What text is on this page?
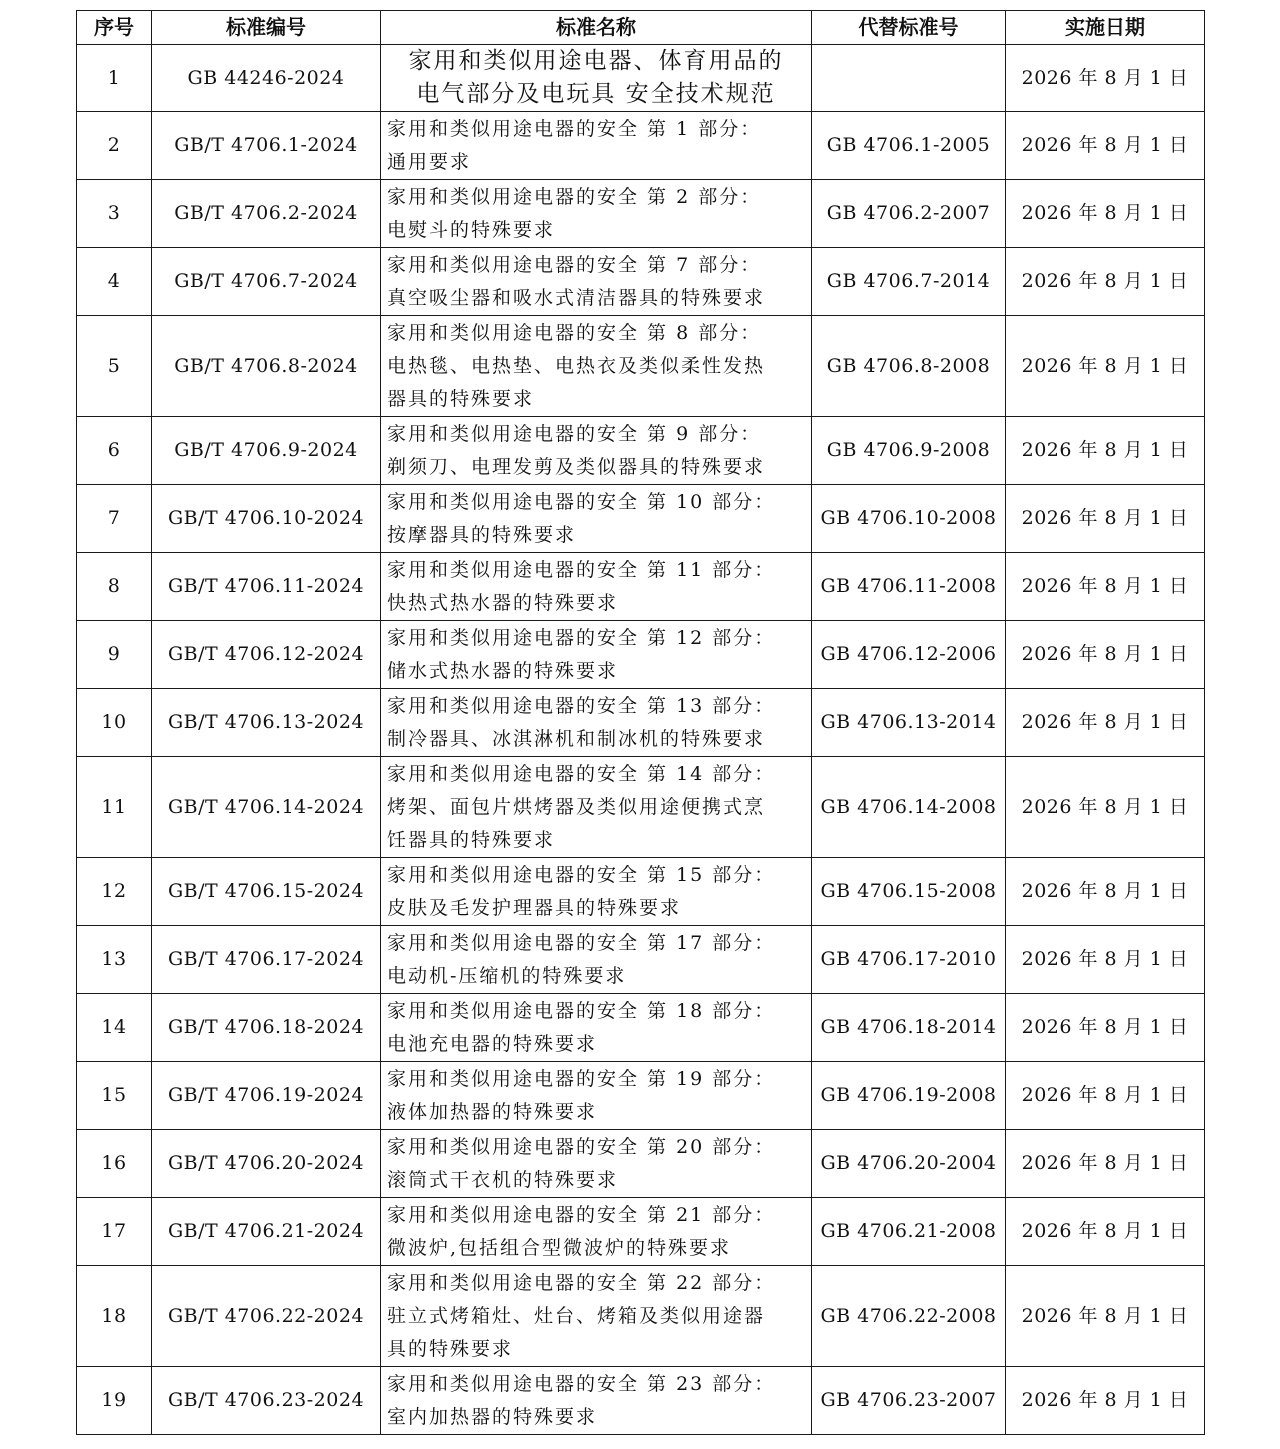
序号	标准编号	标准名称	代替标准号	实施日期
1	GB 44246-2024	家用和类似用途电器、体育用品的
电气部分及电玩具 安全技术规范		2026 年 8 月 1 日
2	GB/T 4706.1-2024	家用和类似用途电器的安全 第 1 部分：
通用要求	GB 4706.1-2005	2026 年 8 月 1 日
3	GB/T 4706.2-2024	家用和类似用途电器的安全 第 2 部分：
电熨斗的特殊要求	GB 4706.2-2007	2026 年 8 月 1 日
4	GB/T 4706.7-2024	家用和类似用途电器的安全 第 7 部分：
真空吸尘器和吸水式清洁器具的特殊要求	GB 4706.7-2014	2026 年 8 月 1 日
5	GB/T 4706.8-2024	家用和类似用途电器的安全 第 8 部分：
电热毯、电热垫、电热衣及类似柔性发热
器具的特殊要求	GB 4706.8-2008	2026 年 8 月 1 日
6	GB/T 4706.9-2024	家用和类似用途电器的安全 第 9 部分：
剃须刀、电理发剪及类似器具的特殊要求	GB 4706.9-2008	2026 年 8 月 1 日
7	GB/T 4706.10-2024	家用和类似用途电器的安全 第 10 部分：
按摩器具的特殊要求	GB 4706.10-2008	2026 年 8 月 1 日
8	GB/T 4706.11-2024	家用和类似用途电器的安全 第 11 部分：
快热式热水器的特殊要求	GB 4706.11-2008	2026 年 8 月 1 日
9	GB/T 4706.12-2024	家用和类似用途电器的安全 第 12 部分：
储水式热水器的特殊要求	GB 4706.12-2006	2026 年 8 月 1 日
10	GB/T 4706.13-2024	家用和类似用途电器的安全 第 13 部分：
制冷器具、冰淇淋机和制冰机的特殊要求	GB 4706.13-2014	2026 年 8 月 1 日
11	GB/T 4706.14-2024	家用和类似用途电器的安全 第 14 部分：
烤架、面包片烘烤器及类似用途便携式烹
饪器具的特殊要求	GB 4706.14-2008	2026 年 8 月 1 日
12	GB/T 4706.15-2024	家用和类似用途电器的安全 第 15 部分：
皮肤及毛发护理器具的特殊要求	GB 4706.15-2008	2026 年 8 月 1 日
13	GB/T 4706.17-2024	家用和类似用途电器的安全 第 17 部分：
电动机-压缩机的特殊要求	GB 4706.17-2010	2026 年 8 月 1 日
14	GB/T 4706.18-2024	家用和类似用途电器的安全 第 18 部分：
电池充电器的特殊要求	GB 4706.18-2014	2026 年 8 月 1 日
15	GB/T 4706.19-2024	家用和类似用途电器的安全 第 19 部分：
液体加热器的特殊要求	GB 4706.19-2008	2026 年 8 月 1 日
16	GB/T 4706.20-2024	家用和类似用途电器的安全 第 20 部分：
滚筒式干衣机的特殊要求	GB 4706.20-2004	2026 年 8 月 1 日
17	GB/T 4706.21-2024	家用和类似用途电器的安全 第 21 部分：
微波炉,包括组合型微波炉的特殊要求	GB 4706.21-2008	2026 年 8 月 1 日
18	GB/T 4706.22-2024	家用和类似用途电器的安全 第 22 部分：
驻立式烤箱灶、灶台、烤箱及类似用途器
具的特殊要求	GB 4706.22-2008	2026 年 8 月 1 日
19	GB/T 4706.23-2024	家用和类似用途电器的安全 第 23 部分：
室内加热器的特殊要求	GB 4706.23-2007	2026 年 8 月 1 日
